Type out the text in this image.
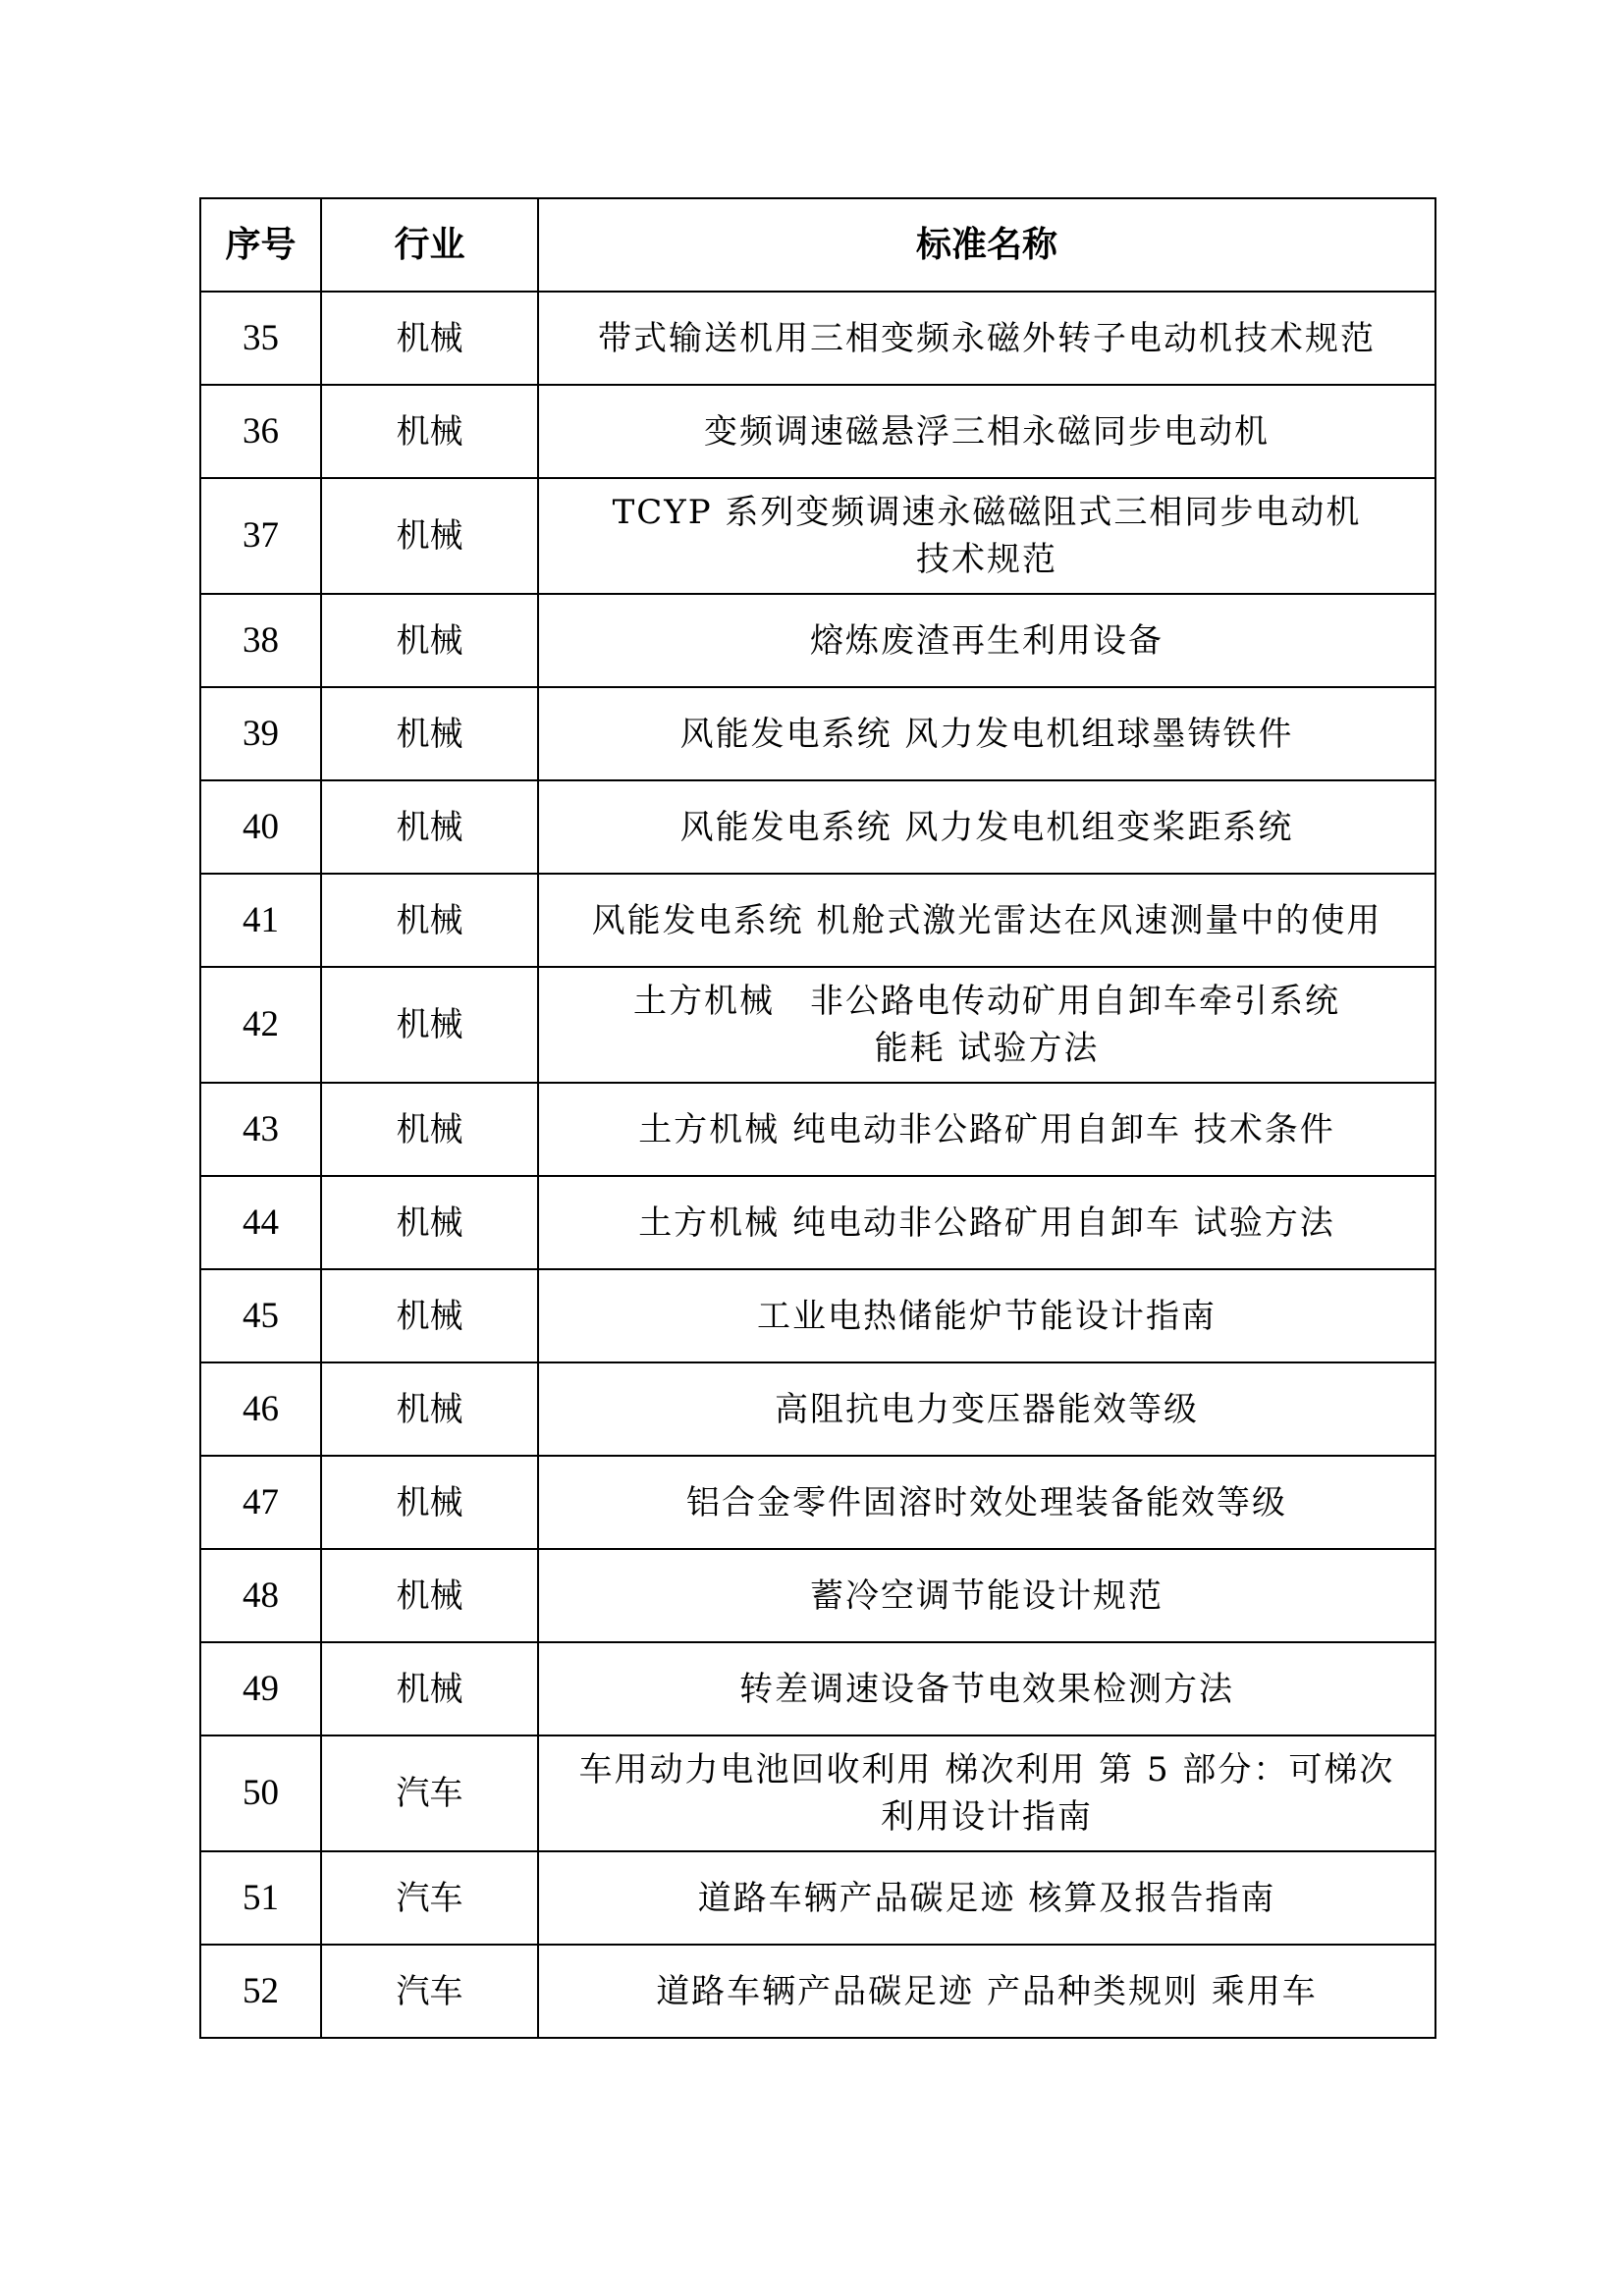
序号	行业	标准名称
35	机械	带式输送机用三相变频永磁外转子电动机技术规范

36	机械	变频调速磁悬浮三相永磁同步电动机

37	机械	TCYP 系列变频调速永磁磁阻式三相同步电动机
技术规范

38	机械	熔炼废渣再生利用设备

39	机械	风能发电系统 风力发电机组球墨铸铁件

40	机械	风能发电系统 风力发电机组变桨距系统

41	机械	风能发电系统 机舱式激光雷达在风速测量中的使用

42	机械	土方机械　非公路电传动矿用自卸车牵引系统
能耗 试验方法

43	机械	土方机械 纯电动非公路矿用自卸车 技术条件

44	机械	土方机械 纯电动非公路矿用自卸车 试验方法

45	机械	工业电热储能炉节能设计指南

46	机械	高阻抗电力变压器能效等级

47	机械	铝合金零件固溶时效处理装备能效等级

48	机械	蓄冷空调节能设计规范

49	机械	转差调速设备节电效果检测方法

50	汽车	车用动力电池回收利用 梯次利用 第 5 部分：可梯次
利用设计指南

51	汽车	道路车辆产品碳足迹 核算及报告指南

52	汽车	道路车辆产品碳足迹 产品种类规则 乘用车
